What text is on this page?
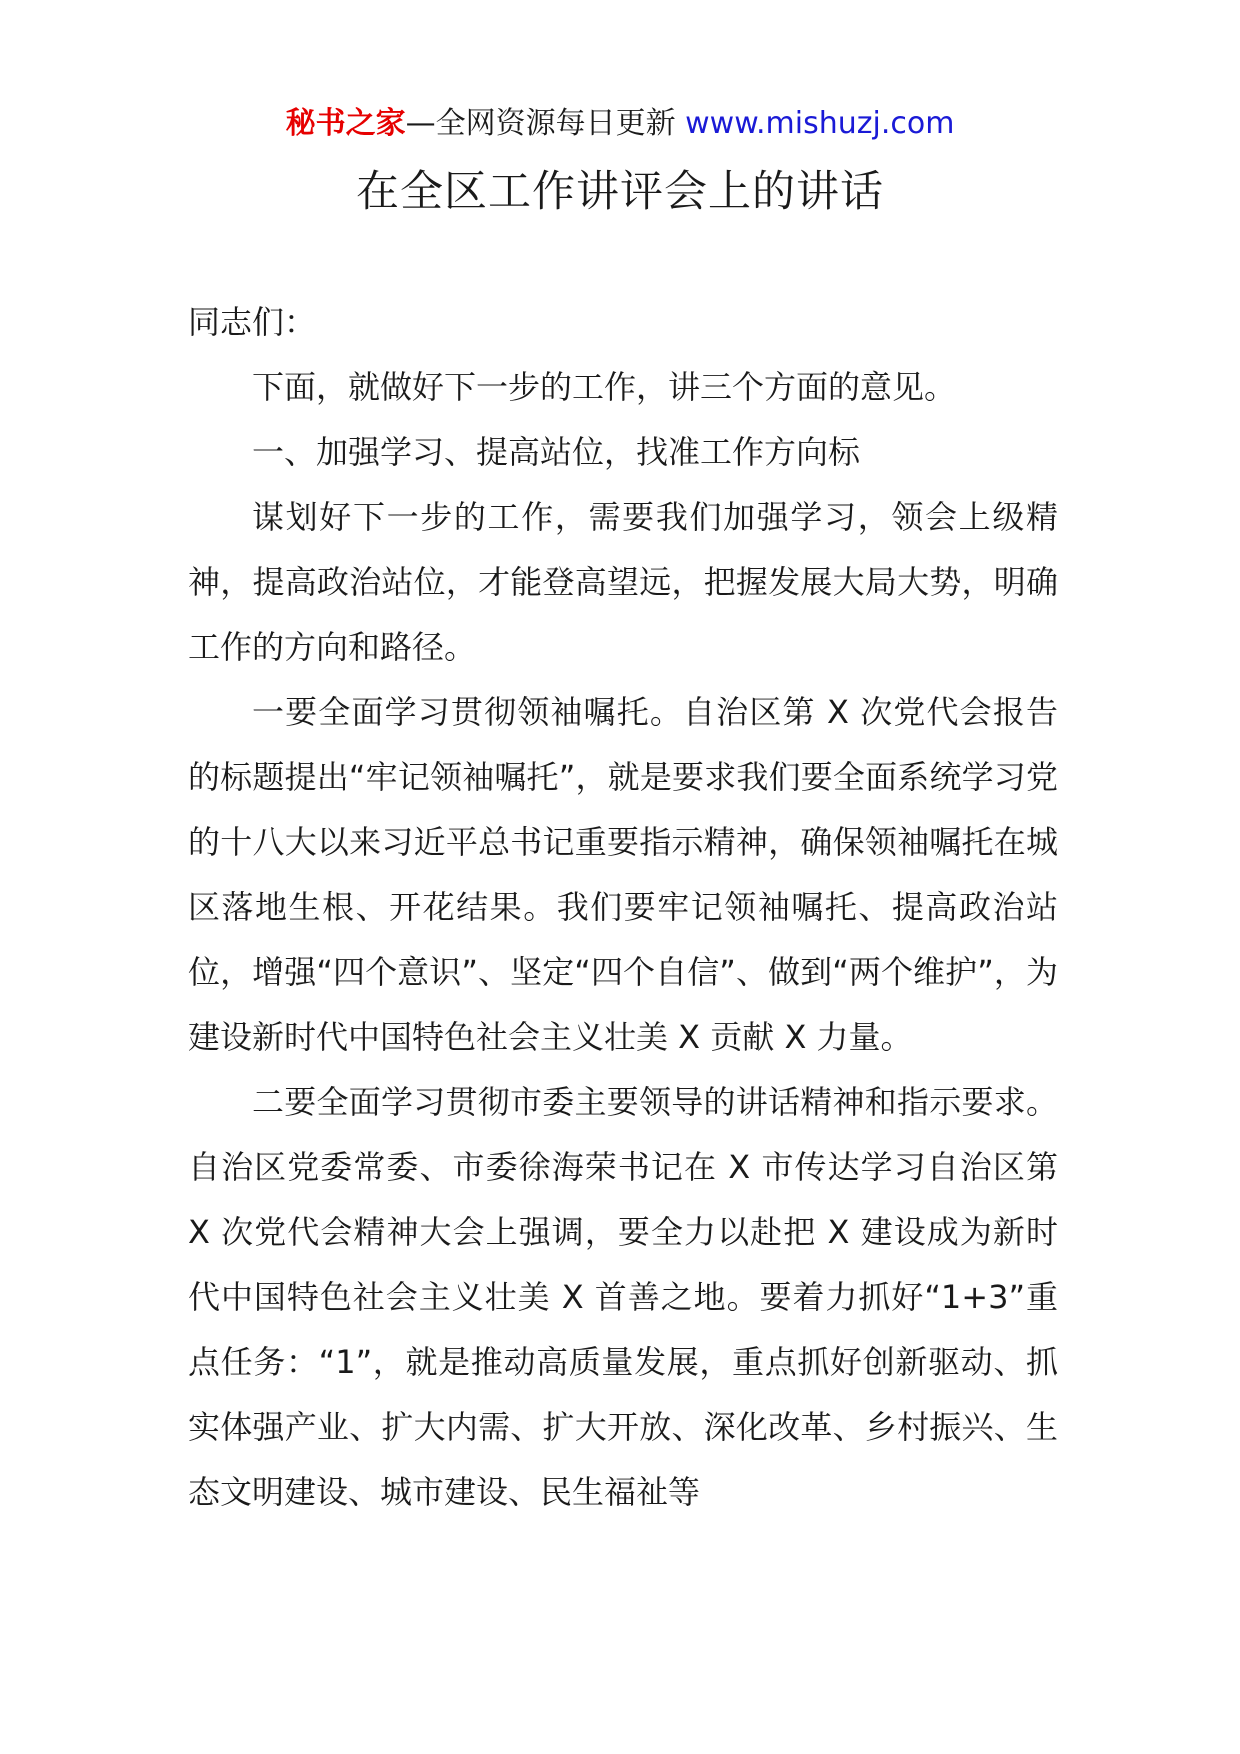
秘书之家—全网资源每日更新 www.mishuzj.com
在全区工作讲评会上的讲话

同志们：

下面，就做好下一步的工作，讲三个方面的意见。

一、加强学习、提高站位，找准工作方向标

谋划好下一步的工作，需要我们加强学习，领会上级精神，提高政治站位，才能登高望远，把握发展大局大势，明确工作的方向和路径。

一要全面学习贯彻领袖嘱托。自治区第 X 次党代会报告的标题提出“牢记领袖嘱托”，就是要求我们要全面系统学习党的十八大以来习近平总书记重要指示精神，确保领袖嘱托在城区落地生根、开花结果。我们要牢记领袖嘱托、提高政治站位，增强“四个意识”、坚定“四个自信”、做到“两个维护”，为建设新时代中国特色社会主义壮美 X 贡献 X 力量。

二要全面学习贯彻市委主要领导的讲话精神和指示要求。自治区党委常委、市委徐海荣书记在 X 市传达学习自治区第 X 次党代会精神大会上强调，要全力以赴把 X 建设成为新时代中国特色社会主义壮美 X 首善之地。要着力抓好“1+3”重点任务：“1”，就是推动高质量发展，重点抓好创新驱动、抓实体强产业、扩大内需、扩大开放、深化改革、乡村振兴、生态文明建设、城市建设、民生福祉等
